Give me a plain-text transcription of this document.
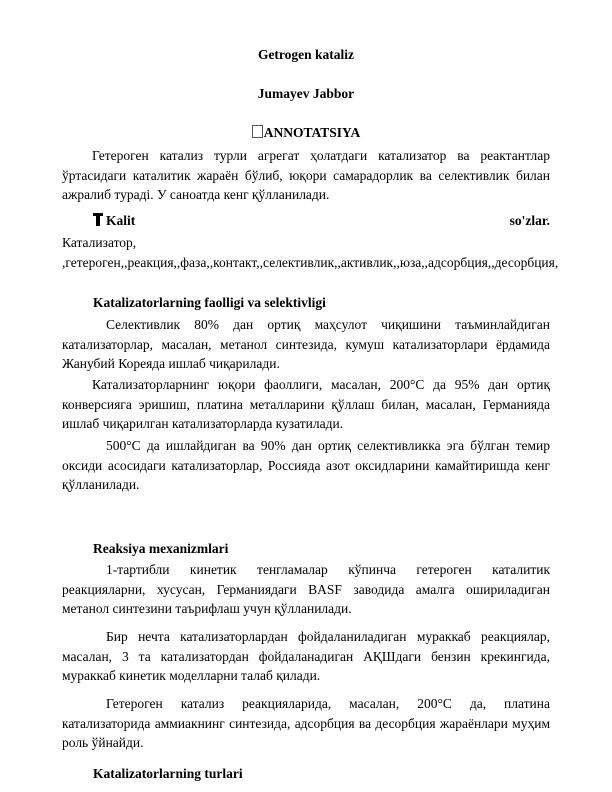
Getrogen kataliz
Jumayev Jabbor
ANNOTATSIYA

Гетероген катализ турли агрегат ҳолатдаги катализатор ва реактантлар ўртасидаги каталитик жараён бўлиб, юқори самарадорлик ва селективлик билан ажралиб тураді. У саноатда кенг қўлланилади.

Kalit	so'zlar.

Катализатор, ,гетероген,,реакция,,фаза,,контакт,,селективлик,,активлик,,юза,,адсорбция,,десорбция,

Katalizatorlarning faolligi va selektivligi

Селективлик 80% дан ортиқ маҳсулот чиқишини таъминлайдиган катализаторлар, масалан, метанол синтезида, кумуш катализаторлари ёрдамида Жанубий Кореяда ишлаб чиқарилади.

Катализаторларнинг юқори фаоллиги, масалан, 200°C да 95% дан ортиқ конверсияга эришиш, платина металларини қўллаш билан, масалан, Германияда ишлаб чиқарилган катализаторларда кузатилади.

500°C да ишлайдиган ва 90% дан ортиқ селективликка эга бўлган темир оксиди асосидаги катализаторлар, Россияда азот оксидларини камайтиришда кенг қўлланилади.

Reaksiya mexanizmlari

1-тартибли кинетик тенгламалар кўпинча гетероген каталитик реакцияларни, хусусан, Германиядаги BASF заводида амалга ошириладиган метанол синтезини таърифлаш учун қўлланилади.

Бир нечта катализаторлардан фойдаланиладиган мураккаб реакциялар, масалан, 3 та катализатордан фойдаланадиган АҚШдаги бензин крекингида, мураккаб кинетик моделларни талаб қилади.

Гетероген катализ реакцияларида, масалан, 200°C да, платина катализаторида аммиакнинг синтезида, адсорбция ва десорбция жараёнлари муҳим роль ўйнайди.

Katalizatorlarning turlari
